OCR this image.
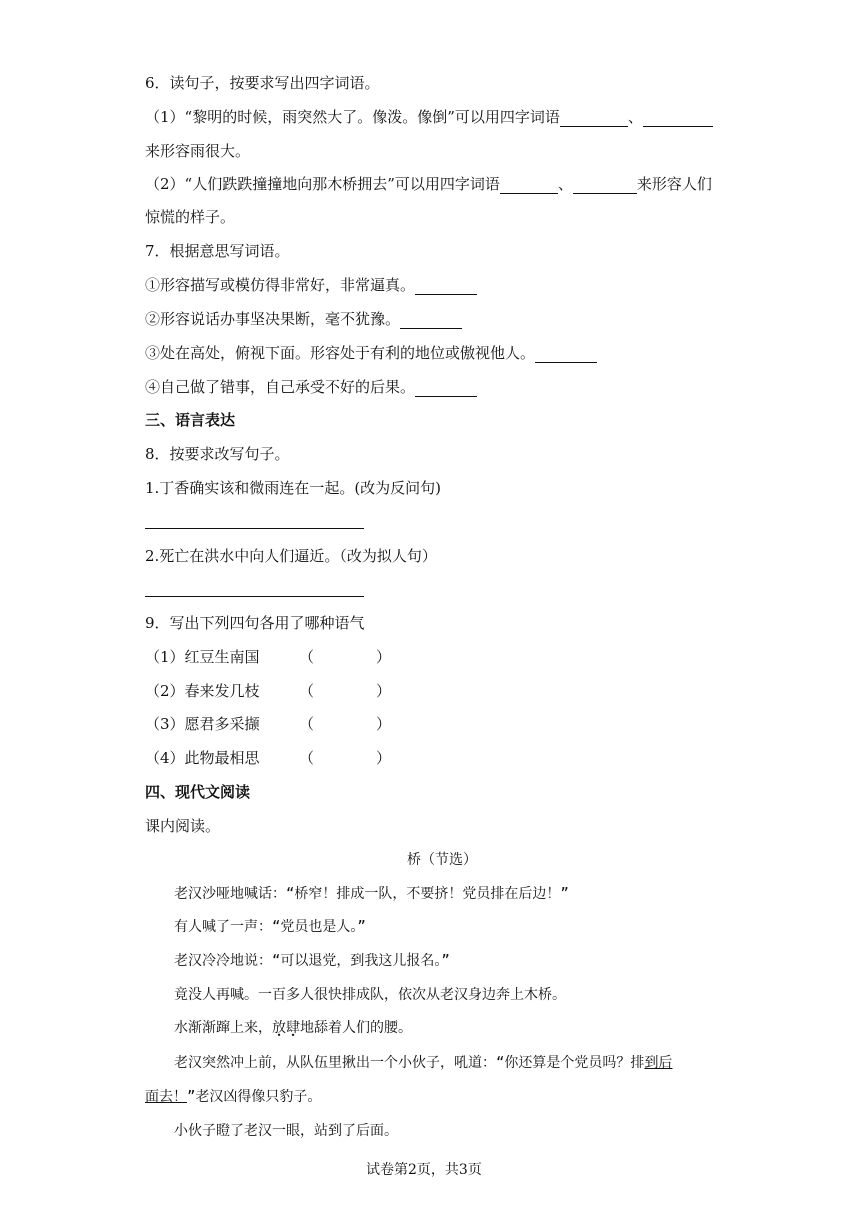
6．读句子，按要求写出四字词语。
（1）“黎明的时候，雨突然大了。像泼。像倒”可以用四字词语	、
来形容雨很大。
（2）“人们跌跌撞撞地向那木桥拥去”可以用四字词语	、	来形容人们
惊慌的样子。
7．根据意思写词语。
①形容描写或模仿得非常好，非常逼真。
②形容说话办事坚决果断，毫不犹豫。
③处在高处，俯视下面。形容处于有利的地位或傲视他人。
④自己做了错事，自己承受不好的后果。
三、语言表达
8．按要求改写句子。
1.丁香确实该和微雨连在一起。(改为反问句)
2.死亡在洪水中向人们逼近。（改为拟人句）
9．写出下列四句各用了哪种语气
（1）红豆生南国	（	）
（2）春来发几枝	（	）
（3）愿君多采撷	（	）
（4）此物最相思	（	）
四、现代文阅读
课内阅读。
桥（节选）
老汉沙哑地喊话：“桥窄！排成一队，不要挤！党员排在后边！”
有人喊了一声：“党员也是人。”
老汉冷冷地说：“可以退党，到我这儿报名。”
竟没人再喊。一百多人很快排成队，依次从老汉身边奔上木桥。
水渐渐蹿上来，放肆地舔着人们的腰。
老汉突然冲上前，从队伍里揪出一个小伙子，吼道：“你还算是个党员吗？排到后
面去！”老汉凶得像只豹子。
小伙子瞪了老汉一眼，站到了后面。
试卷第2页，共3页
